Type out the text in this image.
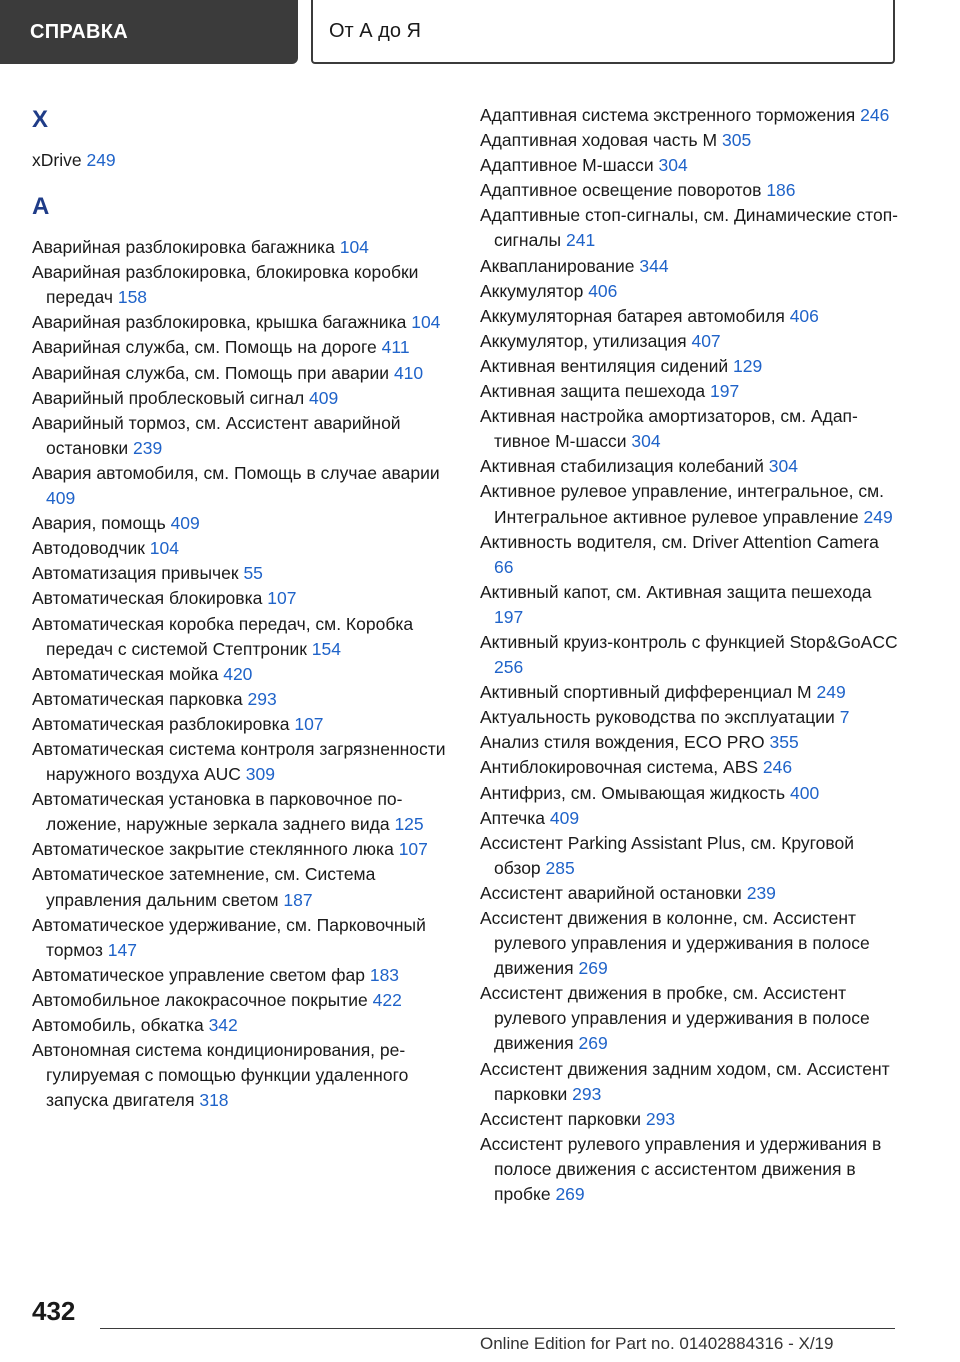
СПРАВКА	От А до Я
X

xDrive 249

А

Аварийная разблокировка багажника 104

Аварийная разблокировка, блокировка коробки передач 158

Аварийная разблокировка, крышка багажника 104

Аварийная служба, см. Помощь на дороге 411

Аварийная служба, см. Помощь при аварии 410

Аварийный проблесковый сигнал 409

Аварийный тормоз, см. Ассистент аварийной остановки 239

Авария автомобиля, см. Помощь в случае аварии 409

Авария, помощь 409

Автодоводчик 104

Автоматизация привычек 55

Автоматическая блокировка 107

Автоматическая коробка передач, см. Коробка передач с системой Стептроник 154

Автоматическая мойка 420

Автоматическая парковка 293

Автоматическая разблокировка 107

Автоматическая система контроля загрязненности наружного воздуха AUC 309

Автоматическая установка в парковочное положение, наружные зеркала заднего вида 125

Автоматическое закрытие стеклянного люка 107

Автоматическое затемнение, см. Система управления дальним светом 187

Автоматическое удерживание, см. Парковочный тормоз 147

Автоматическое управление светом фар 183

Автомобильное лакокрасочное покрытие 422

Автомобиль, обкатка 342

Автономная система кондиционирования, регулируемая с помощью функции удаленного запуска двигателя 318

Адаптивная система экстренного торможения 246

Адаптивная ходовая часть M 305

Адаптивное M-шасси 304

Адаптивное освещение поворотов 186

Адаптивные стоп-сигналы, см. Динамические стоп-сигналы 241

Аквапланирование 344

Аккумулятор 406

Аккумуляторная батарея автомобиля 406

Аккумулятор, утилизация 407

Активная вентиляция сидений 129

Активная защита пешехода 197

Активная настройка амортизаторов, см. Адаптивное M-шасси 304

Активная стабилизация колебаний 304

Активное рулевое управление, интегральное, см. Интегральное активное рулевое управление 249

Активность водителя, см. Driver Attention Camera 66

Активный капот, см. Активная защита пешехода 197

Активный круиз-контроль с функцией Stop&GoACC 256

Активный спортивный дифференциал M 249

Актуальность руководства по эксплуатации 7

Анализ стиля вождения, ECO PRO 355

Антиблокировочная система, ABS 246

Антифриз, см. Омывающая жидкость 400

Аптечка 409

Ассистент Parking Assistant Plus, см. Круговой обзор 285

Ассистент аварийной остановки 239

Ассистент движения в колонне, см. Ассистент рулевого управления и удерживания в полосе движения 269

Ассистент движения в пробке, см. Ассистент рулевого управления и удерживания в полосе движения 269

Ассистент движения задним ходом, см. Ассистент парковки 293

Ассистент парковки 293

Ассистент рулевого управления и удерживания в полосе движения с ассистентом движения в пробке 269

432
Online Edition for Part no. 01402884316 - X/19
